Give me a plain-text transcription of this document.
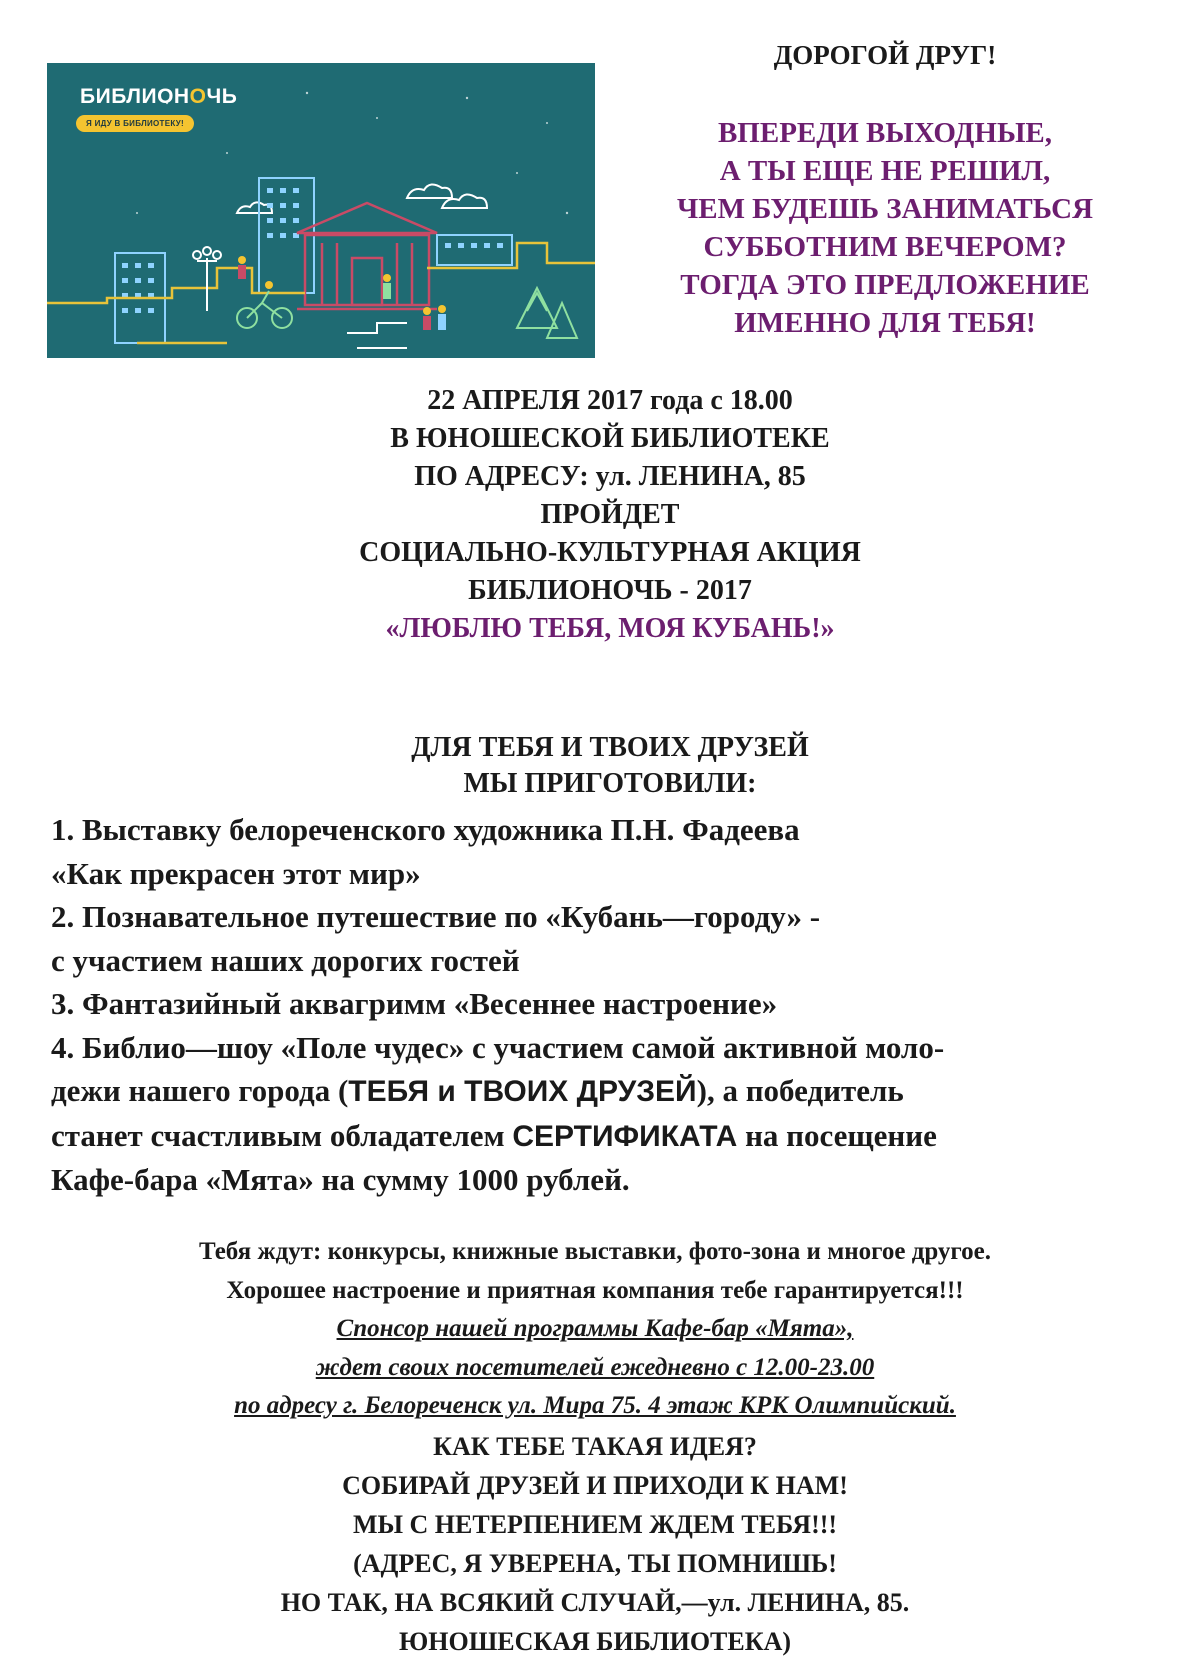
БИБЛИОНОЧЬ
Я ИДУ В БИБЛИОТЕКУ!

ДОРОГОЙ ДРУГ!

ВПЕРЕДИ ВЫХОДНЫЕ,

А ТЫ ЕЩЕ НЕ РЕШИЛ,

ЧЕМ БУДЕШЬ ЗАНИМАТЬСЯ

СУББОТНИМ ВЕЧЕРОМ?

ТОГДА ЭТО ПРЕДЛОЖЕНИЕ

ИМЕННО ДЛЯ ТЕБЯ!

22 АПРЕЛЯ 2017 года с 18.00

В ЮНОШЕСКОЙ БИБЛИОТЕКЕ

ПО АДРЕСУ: ул. ЛЕНИНА, 85

ПРОЙДЕТ

СОЦИАЛЬНО-КУЛЬТУРНАЯ АКЦИЯ

БИБЛИОНОЧЬ - 2017

«ЛЮБЛЮ ТЕБЯ, МОЯ КУБАНЬ!»

ДЛЯ ТЕБЯ И ТВОИХ ДРУЗЕЙ

МЫ ПРИГОТОВИЛИ:

1. Выставку белореченского художника П.Н. Фадеева

«Как прекрасен этот мир»

2. Познавательное путешествие по «Кубань—городу» -

с участием наших дорогих гостей

3. Фантазийный аквагримм «Весеннее настроение»

4. Библио—шоу «Поле чудес» с участием самой активной моло-

дежи нашего города (ТЕБЯ и ТВОИХ ДРУЗЕЙ), а победитель

станет счастливым обладателем СЕРТИФИКАТА на посещение

Кафе-бара «Мята» на сумму 1000 рублей.

Тебя ждут: конкурсы, книжные выставки, фото-зона и многое другое.

Хорошее настроение и приятная компания тебе гарантируется!!!

Спонсор нашей программы Кафе-бар «Мята»,

ждет своих посетителей ежедневно с 12.00-23.00

по адресу г. Белореченск ул. Мира 75. 4 этаж КРК Олимпийский.

КАК ТЕБЕ ТАКАЯ ИДЕЯ?

СОБИРАЙ ДРУЗЕЙ И ПРИХОДИ К НАМ!

МЫ С НЕТЕРПЕНИЕМ ЖДЕМ ТЕБЯ!!!

(АДРЕС, Я УВЕРЕНА, ТЫ ПОМНИШЬ!

НО ТАК, НА ВСЯКИЙ СЛУЧАЙ,—ул. ЛЕНИНА, 85.

ЮНОШЕСКАЯ БИБЛИОТЕКА)
